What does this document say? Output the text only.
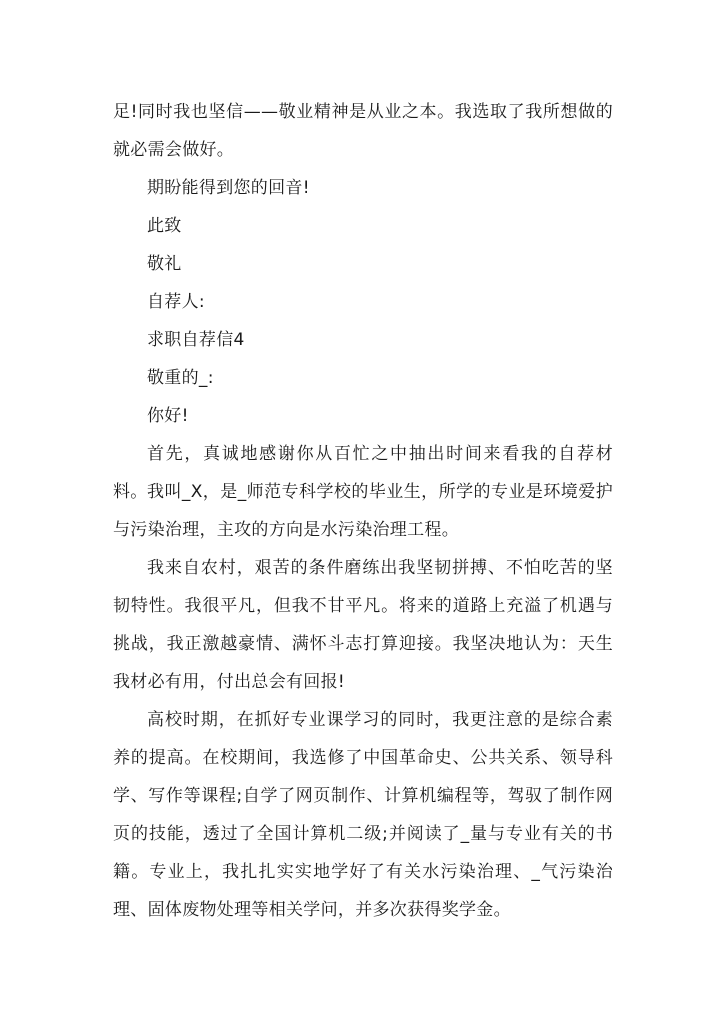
足!同时我也坚信——敬业精神是从业之本。我选取了我所想做的就必需会做好。

期盼能得到您的回音!

此致

敬礼

自荐人:

求职自荐信4

敬重的_:

你好!

首先，真诚地感谢你从百忙之中抽出时间来看我的自荐材料。 我叫_X，是_师范专科学校的毕业生，所学的专业是环境爱护与污染治理，主攻的方向是水污染治理工程。

我来自农村，艰苦的条件磨练出我坚韧拼搏、不怕吃苦的坚韧特性。我很平凡，但我不甘平凡。将来的道路上充溢了机遇与挑战，我正激越豪情、满怀斗志打算迎接。我坚决地认为：天生我材必有用，付出总会有回报!

高校时期，在抓好专业课学习的同时，我更注意的是综合素养的提高。在校期间，我选修了中国革命史、公共关系、领导科学、写作等课程;自学了网页制作、计算机编程等，驾驭了制作网页的技能，透过了全国计算机二级;并阅读了_量与专业有关的书籍。专业上，我扎扎实实地学好了有关水污染治理、_气污染治理、固体废物处理等相关学问，并多次获得奖学金。
